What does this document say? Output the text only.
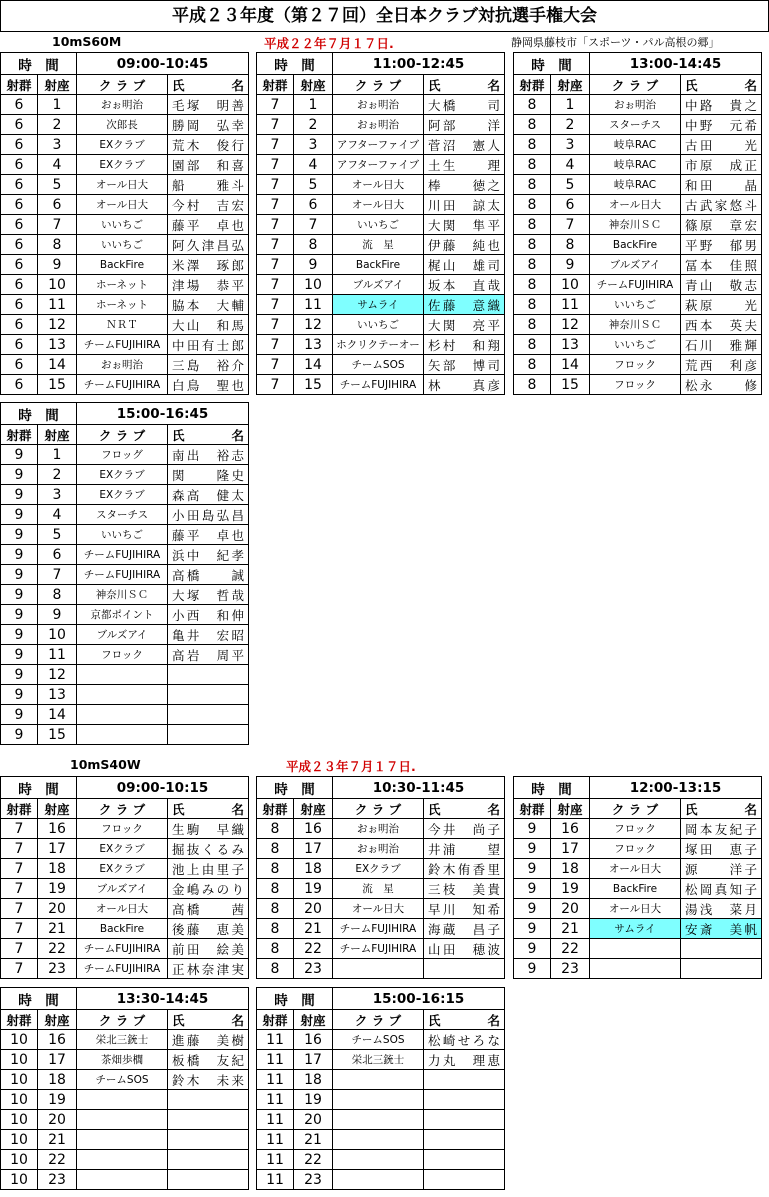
平成２３年度（第２７回）全日本クラブ対抗選手権大会
10mS60M	平成２２年７月１７日.	静岡県藤枝市「スポーツ・パル高根の郷」
10mS40W	平成２３年７月１７日.
時　間		09:00-10:45	
射群	射座	ク ラ ブ	氏　　名
6	1	おぉ明治	毛塚　明善
6	2	次郎長	勝岡　弘幸
6	3	EXクラブ	荒木　俊行
6	4	EXクラブ	園部　和喜
6	5	オール日大	船　　雅斗
6	6	オール日大	今村　吉宏
6	7	いいちご	藤平　卓也
6	8	いいちご	阿久津昌弘
6	9	BackFire	米澤　琢郎
6	10	ホーネット	津場　恭平
6	11	ホーネット	脇本　大輔
6	12	ＮＲＴ	大山　和馬
6	13	チームFUJIHIRA	中田有士郎
6	14	おぉ明治	三島　裕介
6	15	チームFUJIHIRA	白鳥　聖也
時　間		11:00-12:45	
射群	射座	ク ラ ブ	氏　　名
7	1	おぉ明治	大橋　　司
7	2	おぉ明治	阿部　　洋
7	3	アフターファイブ	菅沼　憲人
7	4	アフターファイブ	土生　　理
7	5	オール日大	棒　　徳之
7	6	オール日大	川田　諒太
7	7	いいちご	大関　隼平
7	8	流　星	伊藤　純也
7	9	BackFire	梶山　雄司
7	10	ブルズアイ	坂本　直哉
7	11	サムライ	佐藤　意織
7	12	いいちご	大関　亮平
7	13	ホクリクテーオー	杉村　和翔
7	14	チームSOS	矢部　博司
7	15	チームFUJIHIRA	林　　真彦
時　間		13:00-14:45	
射群	射座	ク ラ ブ	氏　　名
8	1	おぉ明治	中路　貴之
8	2	スターチス	中野　元希
8	3	岐阜RAC	古田　　光
8	4	岐阜RAC	市原　成正
8	5	岐阜RAC	和田　　晶
8	6	オール日大	古武家悠斗
8	7	神奈川ＳＣ	篠原　章宏
8	8	BackFire	平野　郁男
8	9	ブルズアイ	冨本　佳照
8	10	チームFUJIHIRA	青山　敬志
8	11	いいちご	萩原　　光
8	12	神奈川ＳＣ	西本　英夫
8	13	いいちご	石川　雅輝
8	14	フロック	荒西　利彦
8	15	フロック	松永　　修
時　間		15:00-16:45	
射群	射座	ク ラ ブ	氏　　名
9	1	フロッグ	南出　裕志
9	2	EXクラブ	関　　隆史
9	3	EXクラブ	森高　健太
9	4	スターチス	小田島弘昌
9	5	いいちご	藤平　卓也
9	6	チームFUJIHIRA	浜中　紀孝
9	7	チームFUJIHIRA	高橋　　誠
9	8	神奈川ＳＣ	大塚　哲哉
9	9	京都ポイント	小西　和伸
9	10	ブルズアイ	亀井　宏昭
9	11	フロック	高岩　周平
9	12		
9	13		
9	14		
9	15		
時　間		09:00-10:15	
射群	射座	ク ラ ブ	氏　　名
7	16	フロック	生駒　早織
7	17	EXクラブ	掘抜くるみ
7	18	EXクラブ	池上由里子
7	19	ブルズアイ	金嶋みのり
7	20	オール日大	高橋　　茜
7	21	BackFire	後藤　恵美
7	22	チームFUJIHIRA	前田　絵美
7	23	チームFUJIHIRA	正林奈津実
時　間		10:30-11:45	
射群	射座	ク ラ ブ	氏　　名
8	16	おぉ明治	今井　尚子
8	17	おぉ明治	井浦　　望
8	18	EXクラブ	鈴木侑香里
8	19	流　星	三枝　美貴
8	20	オール日大	早川　知希
8	21	チームFUJIHIRA	海蔵　昌子
8	22	チームFUJIHIRA	山田　穂波
8	23		
時　間		12:00-13:15	
射群	射座	ク ラ ブ	氏　　名
9	16	フロック	岡本友紀子
9	17	フロック	塚田　恵子
9	18	オール日大	源　　洋子
9	19	BackFire	松岡真知子
9	20	オール日大	湯浅　菜月
9	21	サムライ	安斎　美帆
9	22		
9	23		
時　間		13:30-14:45	
射群	射座	ク ラ ブ	氏　　名
10	16	栄北三銃士	進藤　美樹
10	17	茶畑歩櫚	板橋　友紀
10	18	チームSOS	鈴木　未来
10	19		
10	20		
10	21		
10	22		
10	23		
時　間		15:00-16:15	
射群	射座	ク ラ ブ	氏　　名
11	16	チームSOS	松崎せろな
11	17	栄北三銃士	力丸　理恵
11	18		
11	19		
11	20		
11	21		
11	22		
11	23		
